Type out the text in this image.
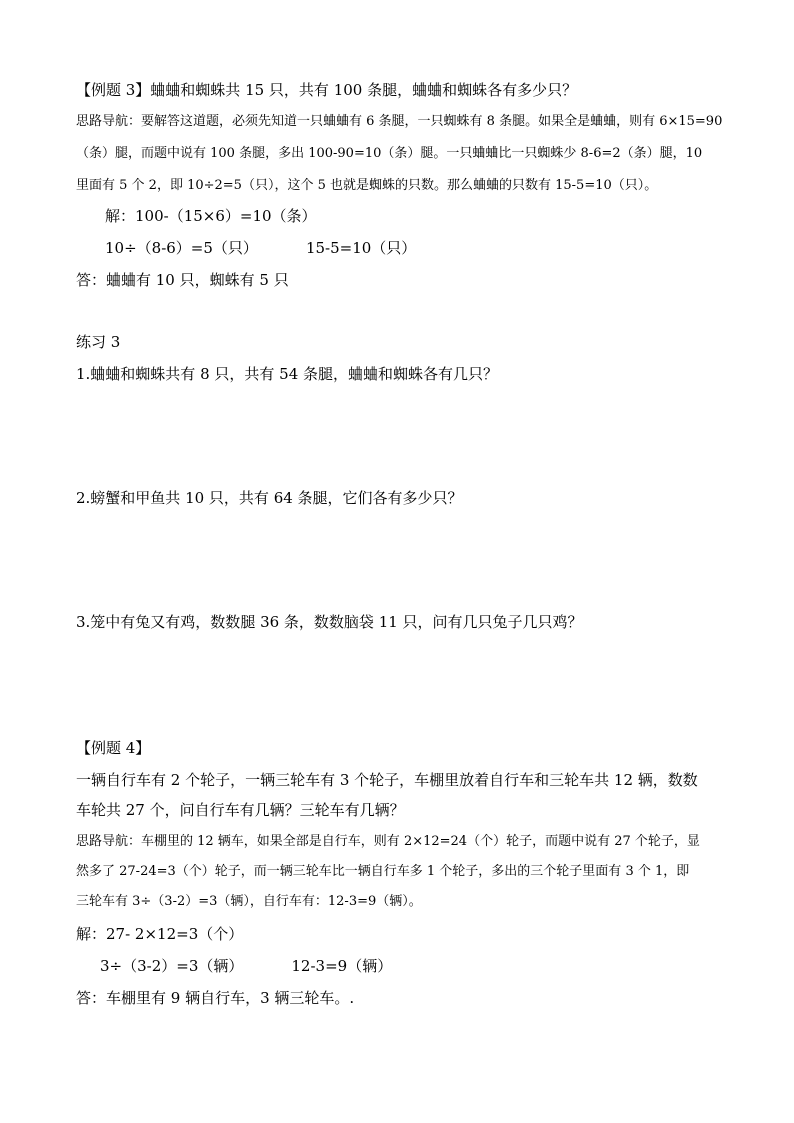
【例题 3】蛐蛐和蜘蛛共 15 只，共有 100 条腿，蛐蛐和蜘蛛各有多少只？
思路导航：要解答这道题，必须先知道一只蛐蛐有 6 条腿，一只蜘蛛有 8 条腿。如果全是蛐蛐，则有 6×15=90
（条）腿，而题中说有 100 条腿，多出 100-90=10（条）腿。一只蛐蛐比一只蜘蛛少 8-6=2（条）腿，10
里面有 5 个 2，即 10÷2=5（只），这个 5 也就是蜘蛛的只数。那么蛐蛐的只数有 15-5=10（只）。
解：100-（15×6）=10（条）
10÷（8-6）=5（只）	15-5=10（只）
答：蛐蛐有 10 只，蜘蛛有 5 只
练习 3
1.蛐蛐和蜘蛛共有 8 只，共有 54 条腿，蛐蛐和蜘蛛各有几只？
2.螃蟹和甲鱼共 10 只，共有 64 条腿，它们各有多少只？
3.笼中有兔又有鸡，数数腿 36 条，数数脑袋 11 只，问有几只兔子几只鸡？
【例题 4】
一辆自行车有 2 个轮子，一辆三轮车有 3 个轮子，车棚里放着自行车和三轮车共 12 辆，数数
车轮共 27 个，问自行车有几辆？三轮车有几辆？
思路导航：车棚里的 12 辆车，如果全部是自行车，则有 2×12=24（个）轮子，而题中说有 27 个轮子，显
然多了 27-24=3（个）轮子，而一辆三轮车比一辆自行车多 1 个轮子，多出的三个轮子里面有 3 个 1，即
三轮车有 3÷（3-2）=3（辆），自行车有：12-3=9（辆）。
解：27- 2×12=3（个）
3÷（3-2）=3（辆）	12-3=9（辆）
答：车棚里有 9 辆自行车，3 辆三轮车。.
